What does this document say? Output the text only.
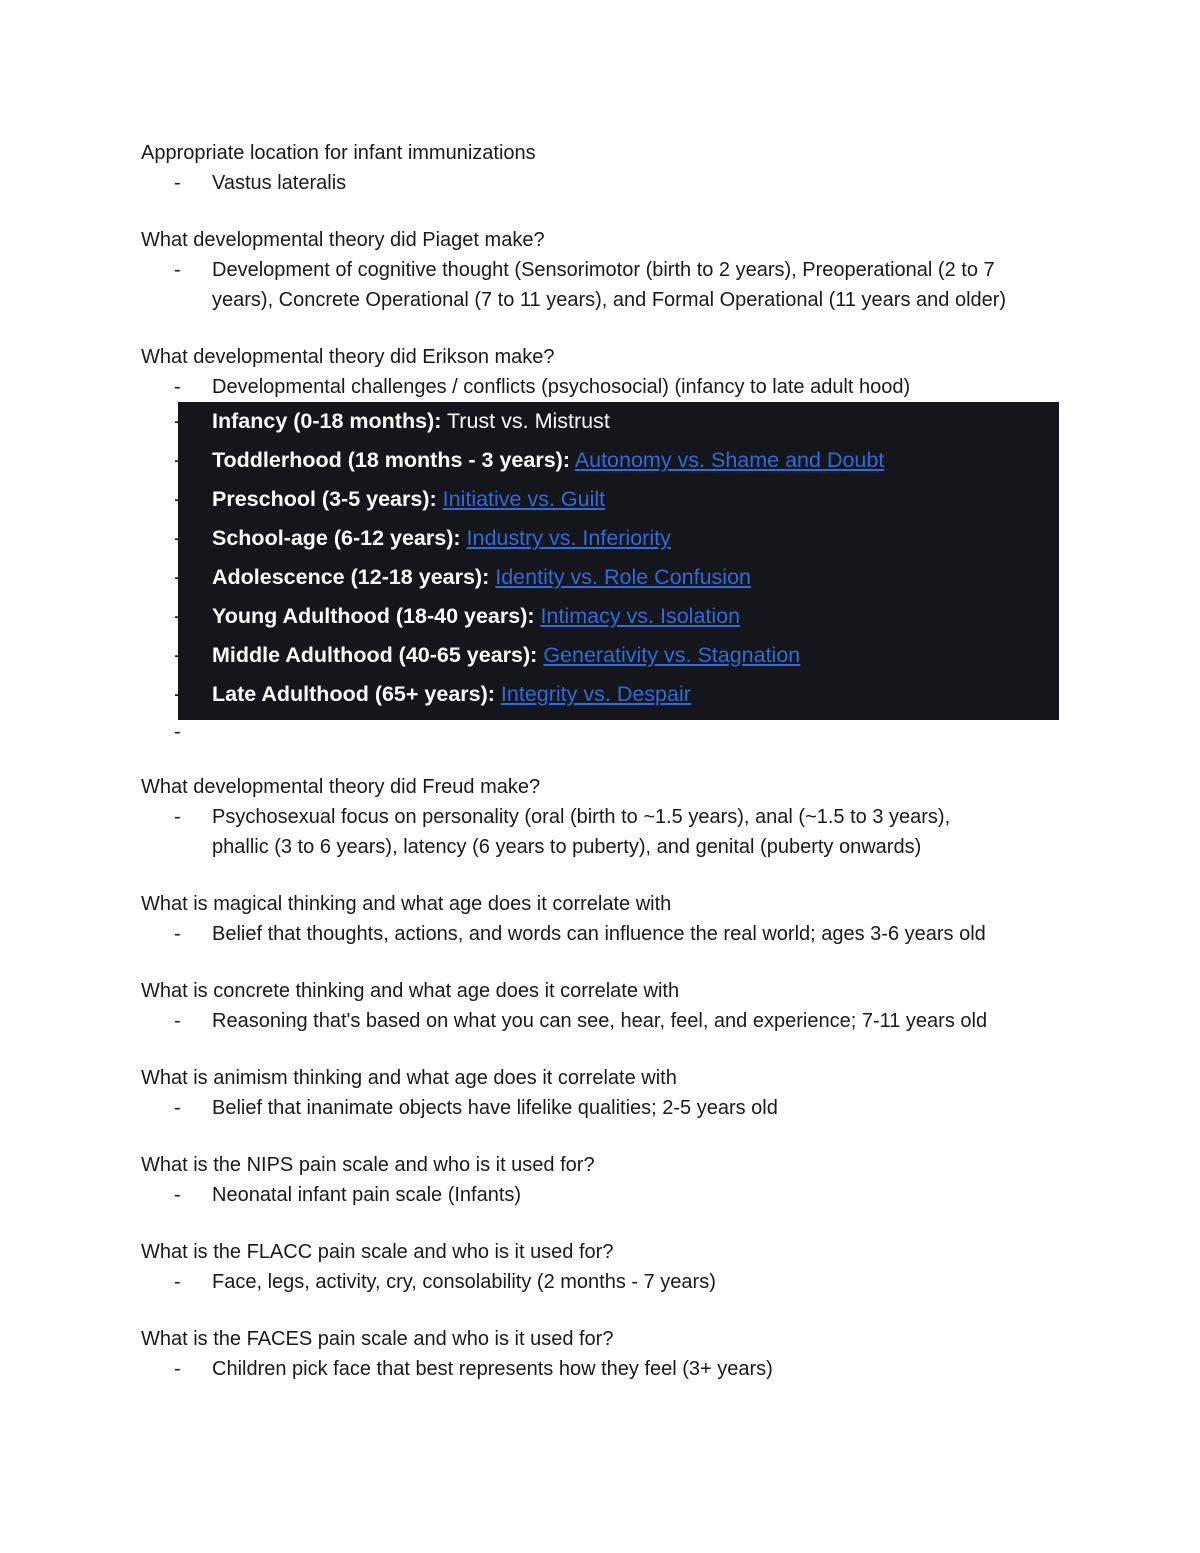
Appropriate location for infant immunizations

- Vastus lateralis

What developmental theory did Piaget make?

- Development of cognitive thought (Sensorimotor (birth to 2 years), Preoperational (2 to 7
years), Concrete Operational (7 to 11 years), and Formal Operational (11 years and older)

What developmental theory did Erikson make?

- Developmental challenges / conflicts (psychosocial) (infancy to late adult hood)
- Infancy (0-18 months): Trust vs. Mistrust
- Toddlerhood (18 months - 3 years): Autonomy vs. Shame and Doubt
- Preschool (3-5 years): Initiative vs. Guilt
- School-age (6-12 years): Industry vs. Inferiority
- Adolescence (12-18 years): Identity vs. Role Confusion
- Young Adulthood (18-40 years): Intimacy vs. Isolation
- Middle Adulthood (40-65 years): Generativity vs. Stagnation
- Late Adulthood (65+ years): Integrity vs. Despair
-

What developmental theory did Freud make?

- Psychosexual focus on personality (oral (birth to ~1.5 years), anal (~1.5 to 3 years),
phallic (3 to 6 years), latency (6 years to puberty), and genital (puberty onwards)

What is magical thinking and what age does it correlate with

- Belief that thoughts, actions, and words can influence the real world; ages 3-6 years old

What is concrete thinking and what age does it correlate with

- Reasoning that's based on what you can see, hear, feel, and experience; 7-11 years old

What is animism thinking and what age does it correlate with

- Belief that inanimate objects have lifelike qualities; 2-5 years old

What is the NIPS pain scale and who is it used for?

- Neonatal infant pain scale (Infants)

What is the FLACC pain scale and who is it used for?

- Face, legs, activity, cry, consolability (2 months - 7 years)

What is the FACES pain scale and who is it used for?

- Children pick face that best represents how they feel (3+ years)
